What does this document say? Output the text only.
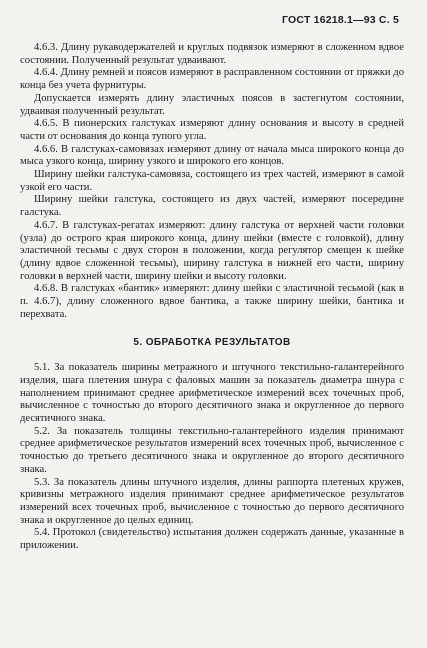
ГОСТ 16218.1—93 С. 5

4.6.3. Длину рукаводержателей и круглых подвязок измеряют в сложенном вдвое состоянии. Полученный результат удваивают.

4.6.4. Длину ремней и поясов измеряют в расправленном состоянии от пряжки до конца без учета фурнитуры.

Допускается измерять длину эластичных поясов в застегнутом состоянии, удваивая полученный результат.

4.6.5. В пионерских галстуках измеряют длину основания и высоту в средней части от основания до конца тупого угла.

4.6.6. В галстуках-самовязах измеряют длину от начала мыса широкого конца до мыса узкого конца, ширину узкого и широкого его концов.

Ширину шейки галстука-самовяза, состоящего из трех частей, измеряют в самой узкой его части.

Ширину шейки галстука, состоящего из двух частей, измеряют посередине галстука.

4.6.7. В галстуках-регатах измеряют: длину галстука от верхней части головки (узла) до острого края широкого конца, длину шейки (вместе с головкой), длину эластичной тесьмы с двух сторон в положении, когда регулятор смещен к шейке (длину вдвое сложенной тесьмы), ширину галстука в нижней его части, ширину головки в верхней части, ширину шейки и высоту головки.

4.6.8. В галстуках «бантик» измеряют: длину шейки с эластичной тесьмой (как в п. 4.6.7), длину сложенного вдвое бантика, а также ширину шейки, бантика и перехвата.

5. ОБРАБОТКА РЕЗУЛЬТАТОВ

5.1. За показатель ширины метражного и штучного текстильно-галантерейного изделия, шага плетения шнура с фаловых машин за показатель диаметра шнура с наполнением принимают среднее арифметическое измерений всех точечных проб, вычисленное с точностью до второго десятичного знака и округленное до первого десятичного знака.

5.2. За показатель толщины текстильно-галантерейного изделия принимают среднее арифметическое результатов измерений всех точечных проб, вычисленное с точностью до третьего десятичного знака и округленное до второго десятичного знака.

5.3. За показатель длины штучного изделия, длины раппорта плетеных кружев, кривизны метражного изделия принимают среднее арифметическое результатов измерений всех точечных проб, вычисленное с точностью до первого десятичного знака и округленное до целых единиц.

5.4. Протокол (свидетельство) испытания должен содержать данные, указанные в приложении.
